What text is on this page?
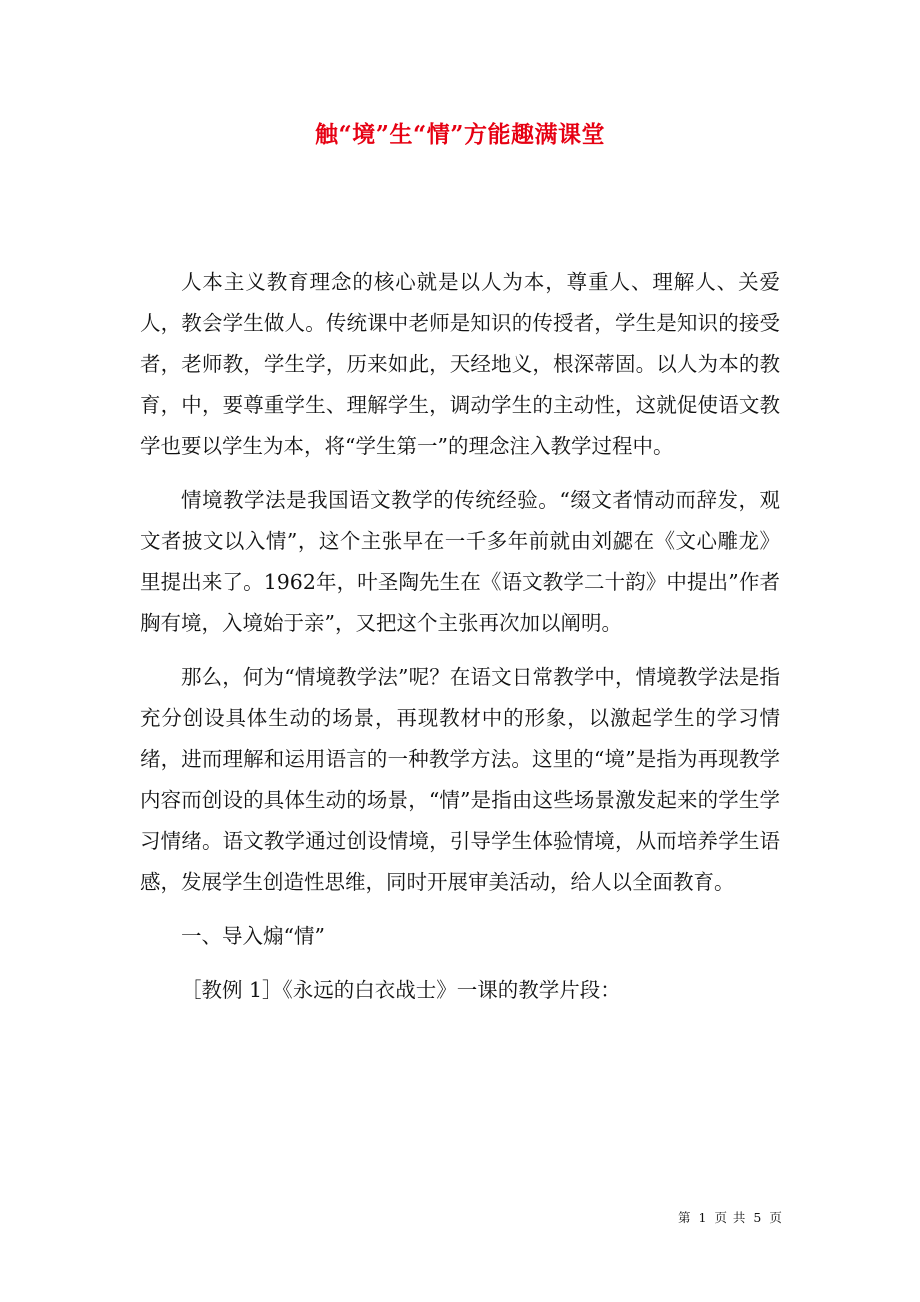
触“境”生“情”方能趣满课堂

人本主义教育理念的核心就是以人为本，尊重人、理解人、关爱人，教会学生做人。传统课中老师是知识的传授者，学生是知识的接受者，老师教，学生学，历来如此，天经地义，根深蒂固。以人为本的教育，中，要尊重学生、理解学生，调动学生的主动性，这就促使语文教学也要以学生为本，将“学生第一”的理念注入教学过程中。

情境教学法是我国语文教学的传统经验。“缀文者情动而辞发，观文者披文以入情”，这个主张早在一千多年前就由刘勰在《文心雕龙》里提出来了。1962年，叶圣陶先生在《语文教学二十韵》中提出”作者胸有境，入境始于亲”，又把这个主张再次加以阐明。

那么，何为“情境教学法”呢？在语文日常教学中，情境教学法是指充分创设具体生动的场景，再现教材中的形象，以激起学生的学习情绪，进而理解和运用语言的一种教学方法。这里的“境”是指为再现教学内容而创设的具体生动的场景，“情”是指由这些场景激发起来的学生学习情绪。语文教学通过创设情境，引导学生体验情境，从而培养学生语感，发展学生创造性思维，同时开展审美活动，给人以全面教育。

一、导入煽“情”

［教例 1］《永远的白衣战士》一课的教学片段：

第 1 页 共 5 页
